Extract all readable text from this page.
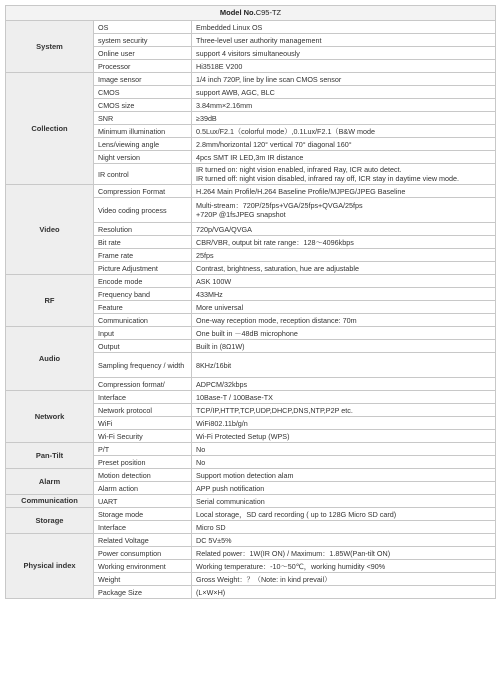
Model No.C95-TZ		
System	OS	Embedded Linux OS

	system security	Three-level user authority management

	Online user	support 4 visitors simultaneously

	Processor	Hi3518E V200

Collection	Image sensor	1/4 inch 720P, line by line scan CMOS sensor

	CMOS	support AWB, AGC, BLC

	CMOS size	3.84mm×2.16mm

	SNR	≥39dB

	Minimum illumination	0.5Lux/F2.1（colorful mode）,0.1Lux/F2.1（B&W mode

	Lens/viewing angle	2.8mm/horizontal 120° vertical 70° diagonal 160°

	Night version	4pcs SMT IR LED,3m IR distance

	IR control	IR turned on: night vision enabled, infrared Ray, ICR auto detect.
IR turned off: night vision disabled, infrared ray off, ICR stay in daytime view mode.

Video	Compression Format	H.264 Main Profile/H.264 Baseline Profile/MJPEG/JPEG Baseline

	Video coding process	Multi-stream：720P/25fps+VGA/25fps+QVGA/25fps
+720P @1fsJPEG snapshot

	Resolution	720p/VGA/QVGA

	Bit rate	CBR/VBR, output bit rate range：128～4096kbps

	Frame rate	25fps

	Picture Adjustment	Contrast, brightness, saturation, hue are adjustable

RF	Encode mode	ASK 100W

	Frequency band	433MHz

	Feature	More universal

	Communication	One-way reception mode, reception distance: 70m

Audio	Input	One built in －48dB microphone

	Output	Built in (8Ω1W)

	Sampling frequency / width	8KHz/16bit

	Compression format/	ADPCM/32kbps

Network	Interface	10Base-T / 100Base-TX

	Network protocol	TCP/IP,HTTP,TCP,UDP,DHCP,DNS,NTP,P2P etc.

	WiFi	WiFi802.11b/g/n

	Wi-Fi Security	Wi-Fi Protected Setup (WPS)

Pan-Tilt	P/T	No

	Preset position	No

Alarm	Motion detection	Support motion detection alam

	Alarm action	APP push notification

Communication	UART	Serial communication

Storage	Storage mode	Local storage，SD card recording ( up to 128G Micro SD card)

	Interface	Micro SD

Physical index	Related Voltage	DC 5V±5%

	Power consumption	Related power：1W(IR ON) / Maximum：1.85W(Pan-tilt ON)

	Working environment	Working temperature：-10～50℃，working humidity <90%

	Weight	Gross Weight：？（Note: in kind prevail）

	Package Size	(L×W×H)
